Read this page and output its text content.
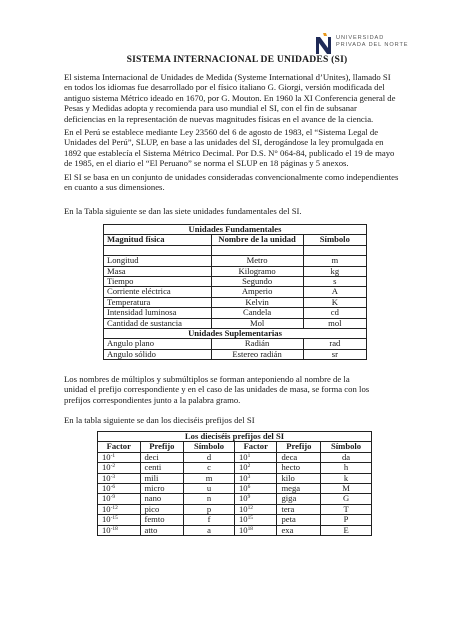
UNIVERSIDAD
PRIVADA DEL NORTE
SISTEMA INTERNACIONAL DE UNIDADES (SI)
El sistema Internacional de Unidades de Medida (Systeme International d’Unites), llamado SI
en todos los idiomas fue desarrollado por el físico italiano G. Giorgi, versión modificada del
antiguo sistema Métrico ideado en 1670, por G. Mouton. En 1960 la XI Conferencia general de
Pesas y Medidas adopta y recomienda para uso mundial el SI, con el fin de subsanar
deficiencias en la representación de nuevas magnitudes físicas en el avance de la ciencia.
En el Perú se establece mediante Ley 23560 del 6 de agosto de 1983, el “Sistema Legal de
Unidades del Perú”, SLUP, en base a las unidades del SI, derogándose la ley promulgada en
1892 que establecía el Sistema Métrico Decimal. Por D.S. N° 064-84, publicado el 19 de mayo
de 1985, en el diario el “El Peruano” se norma el SLUP en 18 páginas y 5 anexos.
El SI se basa en un conjunto de unidades consideradas convencionalmente como independientes
en cuanto a sus dimensiones.
En la Tabla siguiente se dan las siete unidades fundamentales del SI.
Unidades Fundamentales		
Magnitud física	Nombre de la unidad	Símbolo

Longitud	Metro	m
Masa	Kilogramo	kg
Tiempo	Segundo	s
Corriente eléctrica	Amperio	A
Temperatura	Kelvin	K
Intensidad luminosa	Candela	cd
Cantidad de sustancia	Mol	mol
Unidades Suplementarias		
Angulo plano	Radián	rad
Angulo sólido	Estereo radián	sr
Los nombres de múltiplos y submúltiplos se forman anteponiendo al nombre de la
unidad el prefijo correspondiente y en el caso de las unidades de masa, se forma con los
prefijos correspondientes junto a la palabra gramo.
En la tabla siguiente se dan los dieciséis prefijos del SI
Los dieciséis prefijos del SI					
Factor	Prefijo	Símbolo	Factor	Prefijo	Símbolo
$10^{-1}$	deci	d	$10^1$	deca	da
$10^{-2}$	centi	c	$10^2$	hecto	h
$10^{-3}$	mili	m	$10^3$	kilo	k
$10^{-6}$	micro	u	$10^6$	mega	M
$10^{-9}$	nano	n	$10^9$	giga	G
$10^{-12}$	pico	p	$10^{12}$	tera	T
$10^{-15}$	femto	f	$10^{15}$	peta	P
$10^{-18}$	atto	a	$10^{18}$	exa	E
